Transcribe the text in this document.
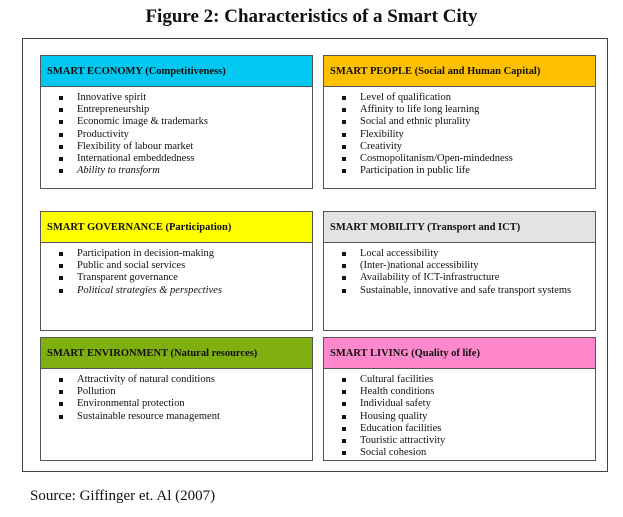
Figure 2: Characteristics of a Smart City
SMART ECONOMY (Competitiveness)
Innovative spirit
Entrepreneurship
Economic image & trademarks
Productivity
Flexibility of labour market
International embeddedness
Ability to transform
SMART PEOPLE (Social and Human Capital)
Level of qualification
Affinity to life long learning
Social and ethnic plurality
Flexibility
Creativity
Cosmopolitanism/Open-mindedness
Participation in public life
SMART GOVERNANCE (Participation)
Participation in decision-making
Public and social services
Transparent governance
Political strategies & perspectives
SMART MOBILITY (Transport and ICT)
Local accessibility
(Inter-)national accessibility
Availability of ICT-infrastructure
Sustainable, innovative and safe transport systems
SMART ENVIRONMENT (Natural resources)
Attractivity of natural conditions
Pollution
Environmental protection
Sustainable resource management
SMART LIVING (Quality of life)
Cultural facilities
Health conditions
Individual safety
Housing quality
Education facilities
Touristic attractivity
Social cohesion
Source: Giffinger et. Al (2007)
